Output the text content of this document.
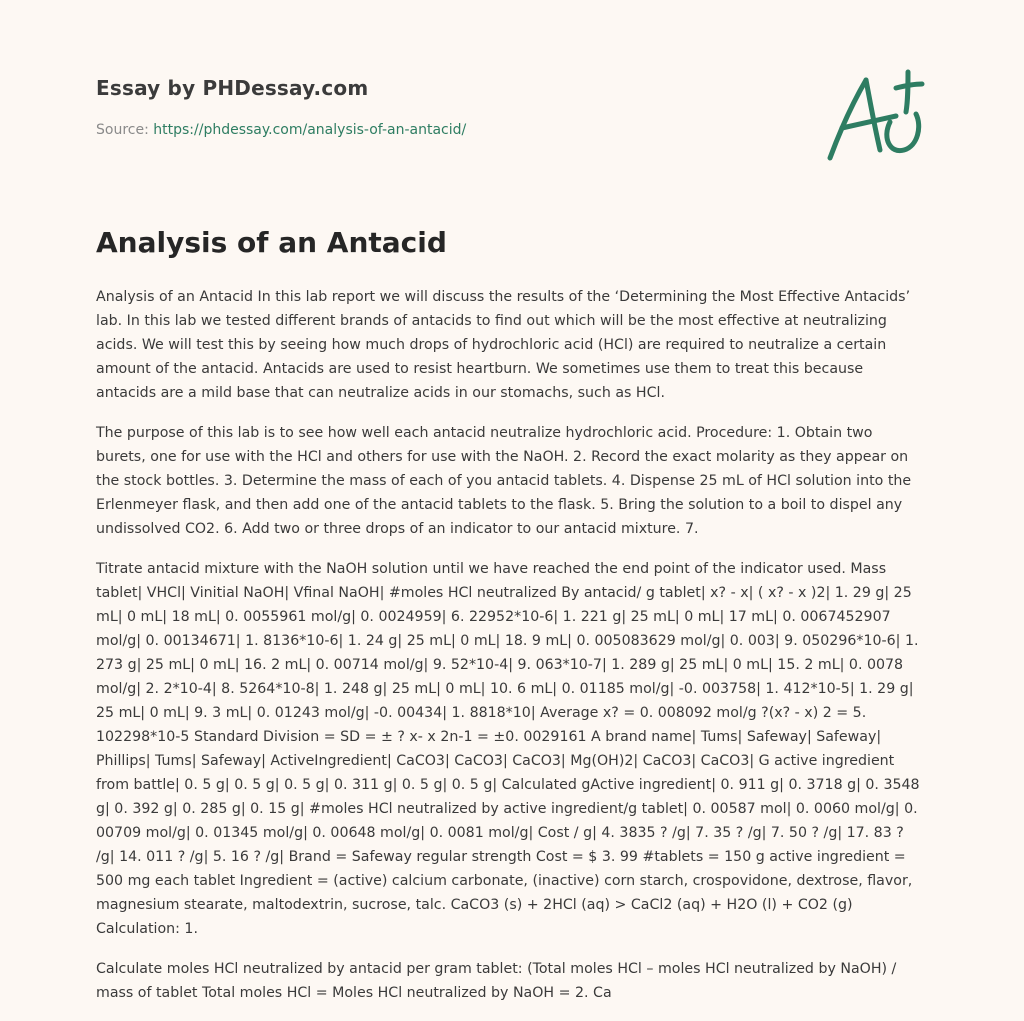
Essay by PHDessay.com
Source: https://phdessay.com/analysis-of-an-antacid/
Analysis of an Antacid

Analysis of an Antacid In this lab report we will discuss the results of the ‘Determining the Most Effective Antacids’ lab. In this lab we tested different brands of antacids to find out which will be the most effective at neutralizing acids. We will test this by seeing how much drops of hydrochloric acid (HCl) are required to neutralize a certain amount of the antacid. Antacids are used to resist heartburn. We sometimes use them to treat this because antacids are a mild base that can neutralize acids in our stomachs, such as HCl.

The purpose of this lab is to see how well each antacid neutralize hydrochloric acid. Procedure: 1. Obtain two burets, one for use with the HCl and others for use with the NaOH. 2. Record the exact molarity as they appear on the stock bottles. 3. Determine the mass of each of you antacid tablets. 4. Dispense 25 mL of HCl solution into the Erlenmeyer flask, and then add one of the antacid tablets to the flask. 5. Bring the solution to a boil to dispel any undissolved CO2. 6. Add two or three drops of an indicator to our antacid mixture. 7.

Titrate antacid mixture with the NaOH solution until we have reached the end point of the indicator used. Mass tablet| VHCl| Vinitial NaOH| Vfinal NaOH| #moles HCl neutralized By antacid/ g tablet| x? - x| ( x? - x )2| 1. 29 g| 25 mL| 0 mL| 18 mL| 0. 0055961 mol/g| 0. 0024959| 6. 22952*10-6| 1. 221 g| 25 mL| 0 mL| 17 mL| 0. 0067452907 mol/g| 0. 00134671| 1. 8136*10-6| 1. 24 g| 25 mL| 0 mL| 18. 9 mL| 0. 005083629 mol/g| 0. 003| 9. 050296*10-6| 1. 273 g| 25 mL| 0 mL| 16. 2 mL| 0. 00714 mol/g| 9. 52*10-4| 9. 063*10-7| 1. 289 g| 25 mL| 0 mL| 15. 2 mL| 0. 0078 mol/g| 2. 2*10-4| 8. 5264*10-8| 1. 248 g| 25 mL| 0 mL| 10. 6 mL| 0. 01185 mol/g| -0. 003758| 1. 412*10-5| 1. 29 g| 25 mL| 0 mL| 9. 3 mL| 0. 01243 mol/g| -0. 00434| 1. 8818*10| Average x? = 0. 008092 mol/g ?(x? - x) 2 = 5. 102298*10-5 Standard Division = SD = ± ? x- x 2n-1 = ±0. 0029161 A brand name| Tums| Safeway| Safeway| Phillips| Tums| Safeway| ActiveIngredient| CaCO3| CaCO3| CaCO3| Mg(OH)2| CaCO3| CaCO3| G active ingredient from battle| 0. 5 g| 0. 5 g| 0. 5 g| 0. 311 g| 0. 5 g| 0. 5 g| Calculated gActive ingredient| 0. 911 g| 0. 3718 g| 0. 3548 g| 0. 392 g| 0. 285 g| 0. 15 g| #moles HCl neutralized by active ingredient/g tablet| 0. 00587 mol| 0. 0060 mol/g| 0. 00709 mol/g| 0. 01345 mol/g| 0. 00648 mol/g| 0. 0081 mol/g| Cost / g| 4. 3835 ? /g| 7. 35 ? /g| 7. 50 ? /g| 17. 83 ? /g| 14. 011 ? /g| 5. 16 ? /g| Brand = Safeway regular strength Cost = $ 3. 99 #tablets = 150 g active ingredient = 500 mg each tablet Ingredient = (active) calcium carbonate, (inactive) corn starch, crospovidone, dextrose, flavor, magnesium stearate, maltodextrin, sucrose, talc. CaCO3 (s) + 2HCl (aq) > CaCl2 (aq) + H2O (l) + CO2 (g) Calculation: 1.

Calculate moles HCl neutralized by antacid per gram tablet: (Total moles HCl – moles HCl neutralized by NaOH) / mass of tablet Total moles HCl = Moles HCl neutralized by NaOH = 2. Ca
